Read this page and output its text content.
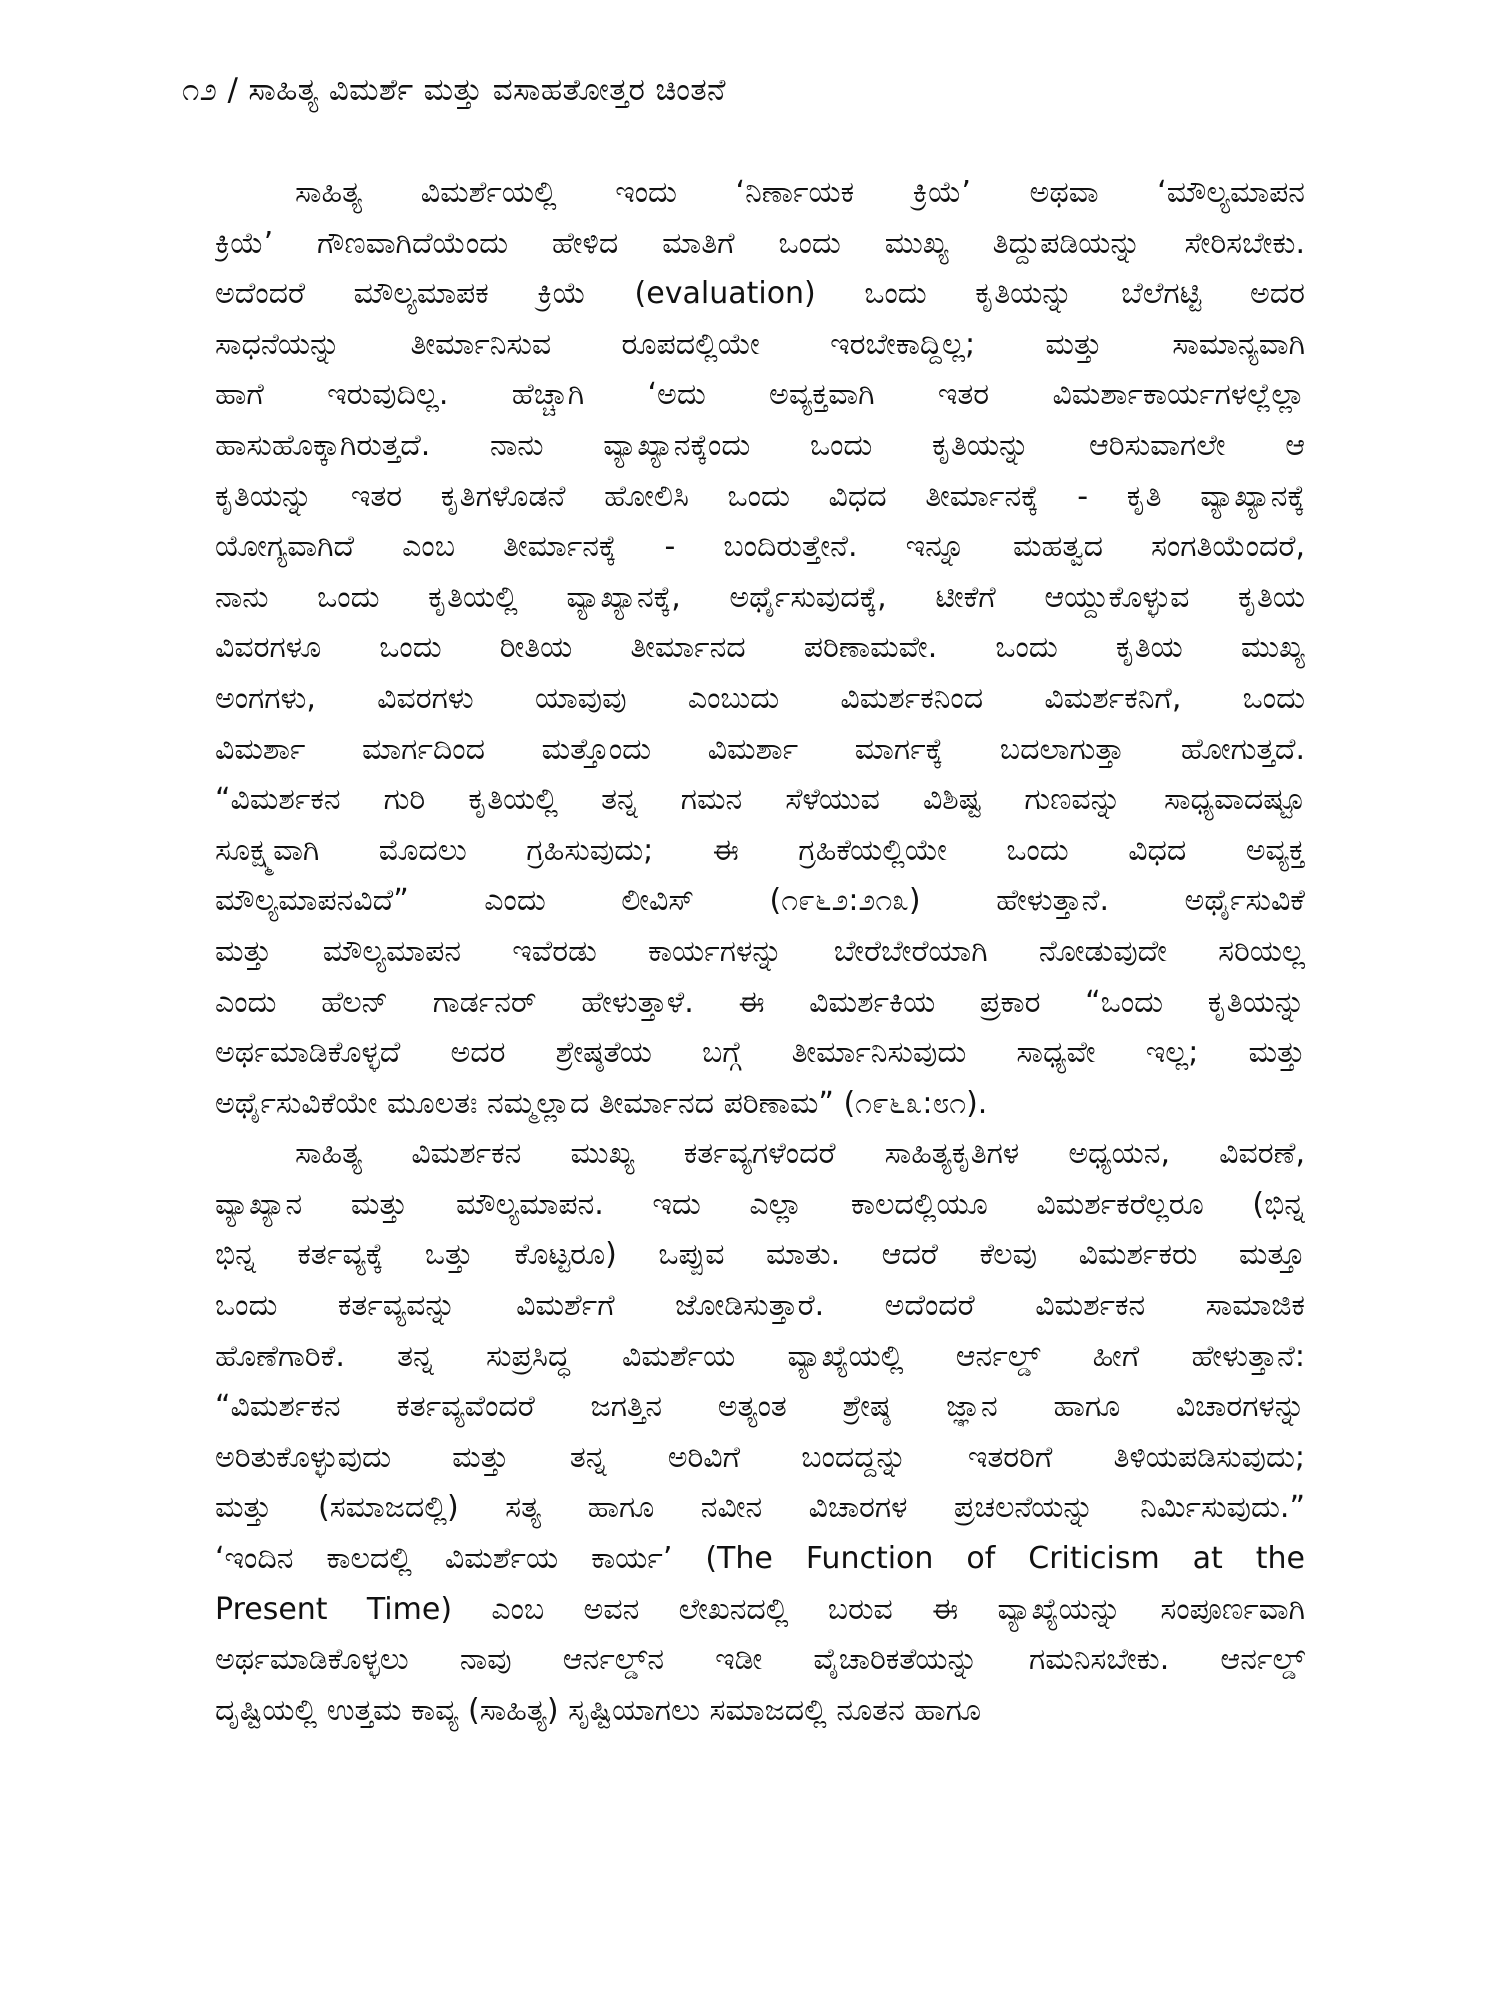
೧೨ / ಸಾಹಿತ್ಯ ವಿಮರ್ಶೆ ಮತ್ತು ವಸಾಹತೋತ್ತರ ಚಿಂತನೆ
ಸಾಹಿತ್ಯ ವಿಮರ್ಶೆಯಲ್ಲಿ ಇಂದು ‘ನಿರ್ಣಾಯಕ ಕ್ರಿಯೆ’ ಅಥವಾ ‘ಮೌಲ್ಯಮಾಪನ
ಕ್ರಿಯೆ’ ಗೌಣವಾಗಿದೆಯೆಂದು ಹೇಳಿದ ಮಾತಿಗೆ ಒಂದು ಮುಖ್ಯ ತಿದ್ದುಪಡಿಯನ್ನು ಸೇರಿಸಬೇಕು.
ಅದೆಂದರೆ ಮೌಲ್ಯಮಾಪಕ ಕ್ರಿಯೆ (evaluation) ಒಂದು ಕೃತಿಯನ್ನು ಬೆಲೆಗಟ್ಟಿ ಅದರ
ಸಾಧನೆಯನ್ನು ತೀರ್ಮಾನಿಸುವ ರೂಪದಲ್ಲಿಯೇ ಇರಬೇಕಾದ್ದಿಲ್ಲ; ಮತ್ತು ಸಾಮಾನ್ಯವಾಗಿ
ಹಾಗೆ ಇರುವುದಿಲ್ಲ. ಹೆಚ್ಚಾಗಿ ‘ಅದು ಅವ್ಯಕ್ತವಾಗಿ ಇತರ ವಿಮರ್ಶಾಕಾರ್ಯಗಳಲ್ಲೆಲ್ಲಾ
ಹಾಸುಹೊಕ್ಕಾಗಿರುತ್ತದೆ. ನಾನು ವ್ಯಾಖ್ಯಾನಕ್ಕೆಂದು ಒಂದು ಕೃತಿಯನ್ನು ಆರಿಸುವಾಗಲೇ ಆ
ಕೃತಿಯನ್ನು ಇತರ ಕೃತಿಗಳೊಡನೆ ಹೋಲಿಸಿ ಒಂದು ವಿಧದ ತೀರ್ಮಾನಕ್ಕೆ - ಕೃತಿ ವ್ಯಾಖ್ಯಾನಕ್ಕೆ
ಯೋಗ್ಯವಾಗಿದೆ ಎಂಬ ತೀರ್ಮಾನಕ್ಕೆ - ಬಂದಿರುತ್ತೇನೆ. ಇನ್ನೂ ಮಹತ್ವದ ಸಂಗತಿಯೆಂದರೆ,
ನಾನು ಒಂದು ಕೃತಿಯಲ್ಲಿ ವ್ಯಾಖ್ಯಾನಕ್ಕೆ, ಅರ್ಥೈಸುವುದಕ್ಕೆ, ಟೀಕೆಗೆ ಆಯ್ದುಕೊಳ್ಳುವ ಕೃತಿಯ
ವಿವರಗಳೂ ಒಂದು ರೀತಿಯ ತೀರ್ಮಾನದ ಪರಿಣಾಮವೇ. ಒಂದು ಕೃತಿಯ ಮುಖ್ಯ
ಅಂಗಗಳು, ವಿವರಗಳು ಯಾವುವು ಎಂಬುದು ವಿಮರ್ಶಕನಿಂದ ವಿಮರ್ಶಕನಿಗೆ, ಒಂದು
ವಿಮರ್ಶಾ ಮಾರ್ಗದಿಂದ ಮತ್ತೊಂದು ವಿಮರ್ಶಾ ಮಾರ್ಗಕ್ಕೆ ಬದಲಾಗುತ್ತಾ ಹೋಗುತ್ತದೆ.
“ವಿಮರ್ಶಕನ ಗುರಿ ಕೃತಿಯಲ್ಲಿ ತನ್ನ ಗಮನ ಸೆಳೆಯುವ ವಿಶಿಷ್ಟ ಗುಣವನ್ನು ಸಾಧ್ಯವಾದಷ್ಟೂ
ಸೂಕ್ಷ್ಮವಾಗಿ ಮೊದಲು ಗ್ರಹಿಸುವುದು; ಈ ಗ್ರಹಿಕೆಯಲ್ಲಿಯೇ ಒಂದು ವಿಧದ ಅವ್ಯಕ್ತ
ಮೌಲ್ಯಮಾಪನವಿದೆ” ಎಂದು ಲೀವಿಸ್ (೧೯೬೨:೨೧೩) ಹೇಳುತ್ತಾನೆ. ಅರ್ಥೈಸುವಿಕೆ
ಮತ್ತು ಮೌಲ್ಯಮಾಪನ ಇವೆರಡು ಕಾರ್ಯಗಳನ್ನು ಬೇರೆಬೇರೆಯಾಗಿ ನೋಡುವುದೇ ಸರಿಯಲ್ಲ
ಎಂದು ಹೆಲನ್ ಗಾರ್ಡನರ್ ಹೇಳುತ್ತಾಳೆ. ಈ ವಿಮರ್ಶಕಿಯ ಪ್ರಕಾರ “ಒಂದು ಕೃತಿಯನ್ನು
ಅರ್ಥಮಾಡಿಕೊಳ್ಳದೆ ಅದರ ಶ್ರೇಷ್ಠತೆಯ ಬಗ್ಗೆ ತೀರ್ಮಾನಿಸುವುದು ಸಾಧ್ಯವೇ ಇಲ್ಲ; ಮತ್ತು
ಅರ್ಥೈಸುವಿಕೆಯೇ ಮೂಲತಃ ನಮ್ಮಲ್ಲಾದ ತೀರ್ಮಾನದ ಪರಿಣಾಮ” (೧೯೬೩:೮೧).
ಸಾಹಿತ್ಯ ವಿಮರ್ಶಕನ ಮುಖ್ಯ ಕರ್ತವ್ಯಗಳೆಂದರೆ ಸಾಹಿತ್ಯಕೃತಿಗಳ ಅಧ್ಯಯನ, ವಿವರಣೆ,
ವ್ಯಾಖ್ಯಾನ ಮತ್ತು ಮೌಲ್ಯಮಾಪನ. ಇದು ಎಲ್ಲಾ ಕಾಲದಲ್ಲಿಯೂ ವಿಮರ್ಶಕರೆಲ್ಲರೂ (ಭಿನ್ನ
ಭಿನ್ನ ಕರ್ತವ್ಯಕ್ಕೆ ಒತ್ತು ಕೊಟ್ಟರೂ) ಒಪ್ಪುವ ಮಾತು. ಆದರೆ ಕೆಲವು ವಿಮರ್ಶಕರು ಮತ್ತೂ
ಒಂದು ಕರ್ತವ್ಯವನ್ನು ವಿಮರ್ಶೆಗೆ ಜೋಡಿಸುತ್ತಾರೆ. ಅದೆಂದರೆ ವಿಮರ್ಶಕನ ಸಾಮಾಜಿಕ
ಹೊಣೆಗಾರಿಕೆ. ತನ್ನ ಸುಪ್ರಸಿದ್ಧ ವಿಮರ್ಶೆಯ ವ್ಯಾಖ್ಯೆಯಲ್ಲಿ ಆರ್ನಲ್ಡ್ ಹೀಗೆ ಹೇಳುತ್ತಾನೆ:
“ವಿಮರ್ಶಕನ ಕರ್ತವ್ಯವೆಂದರೆ ಜಗತ್ತಿನ ಅತ್ಯಂತ ಶ್ರೇಷ್ಠ ಜ್ಞಾನ ಹಾಗೂ ವಿಚಾರಗಳನ್ನು
ಅರಿತುಕೊಳ್ಳುವುದು ಮತ್ತು ತನ್ನ ಅರಿವಿಗೆ ಬಂದದ್ದನ್ನು ಇತರರಿಗೆ ತಿಳಿಯಪಡಿಸುವುದು;
ಮತ್ತು (ಸಮಾಜದಲ್ಲಿ) ಸತ್ಯ ಹಾಗೂ ನವೀನ ವಿಚಾರಗಳ ಪ್ರಚಲನೆಯನ್ನು ನಿರ್ಮಿಸುವುದು.”
‘ಇಂದಿನ ಕಾಲದಲ್ಲಿ ವಿಮರ್ಶೆಯ ಕಾರ್ಯ’ (The Function of Criticism at the
Present Time) ಎಂಬ ಅವನ ಲೇಖನದಲ್ಲಿ ಬರುವ ಈ ವ್ಯಾಖ್ಯೆಯನ್ನು ಸಂಪೂರ್ಣವಾಗಿ
ಅರ್ಥಮಾಡಿಕೊಳ್ಳಲು ನಾವು ಆರ್ನಲ್ಡ್‌ನ ಇಡೀ ವೈಚಾರಿಕತೆಯನ್ನು ಗಮನಿಸಬೇಕು. ಆರ್ನಲ್ಡ್
ದೃಷ್ಟಿಯಲ್ಲಿ ಉತ್ತಮ ಕಾವ್ಯ (ಸಾಹಿತ್ಯ) ಸೃಷ್ಟಿಯಾಗಲು ಸಮಾಜದಲ್ಲಿ ನೂತನ ಹಾಗೂ
